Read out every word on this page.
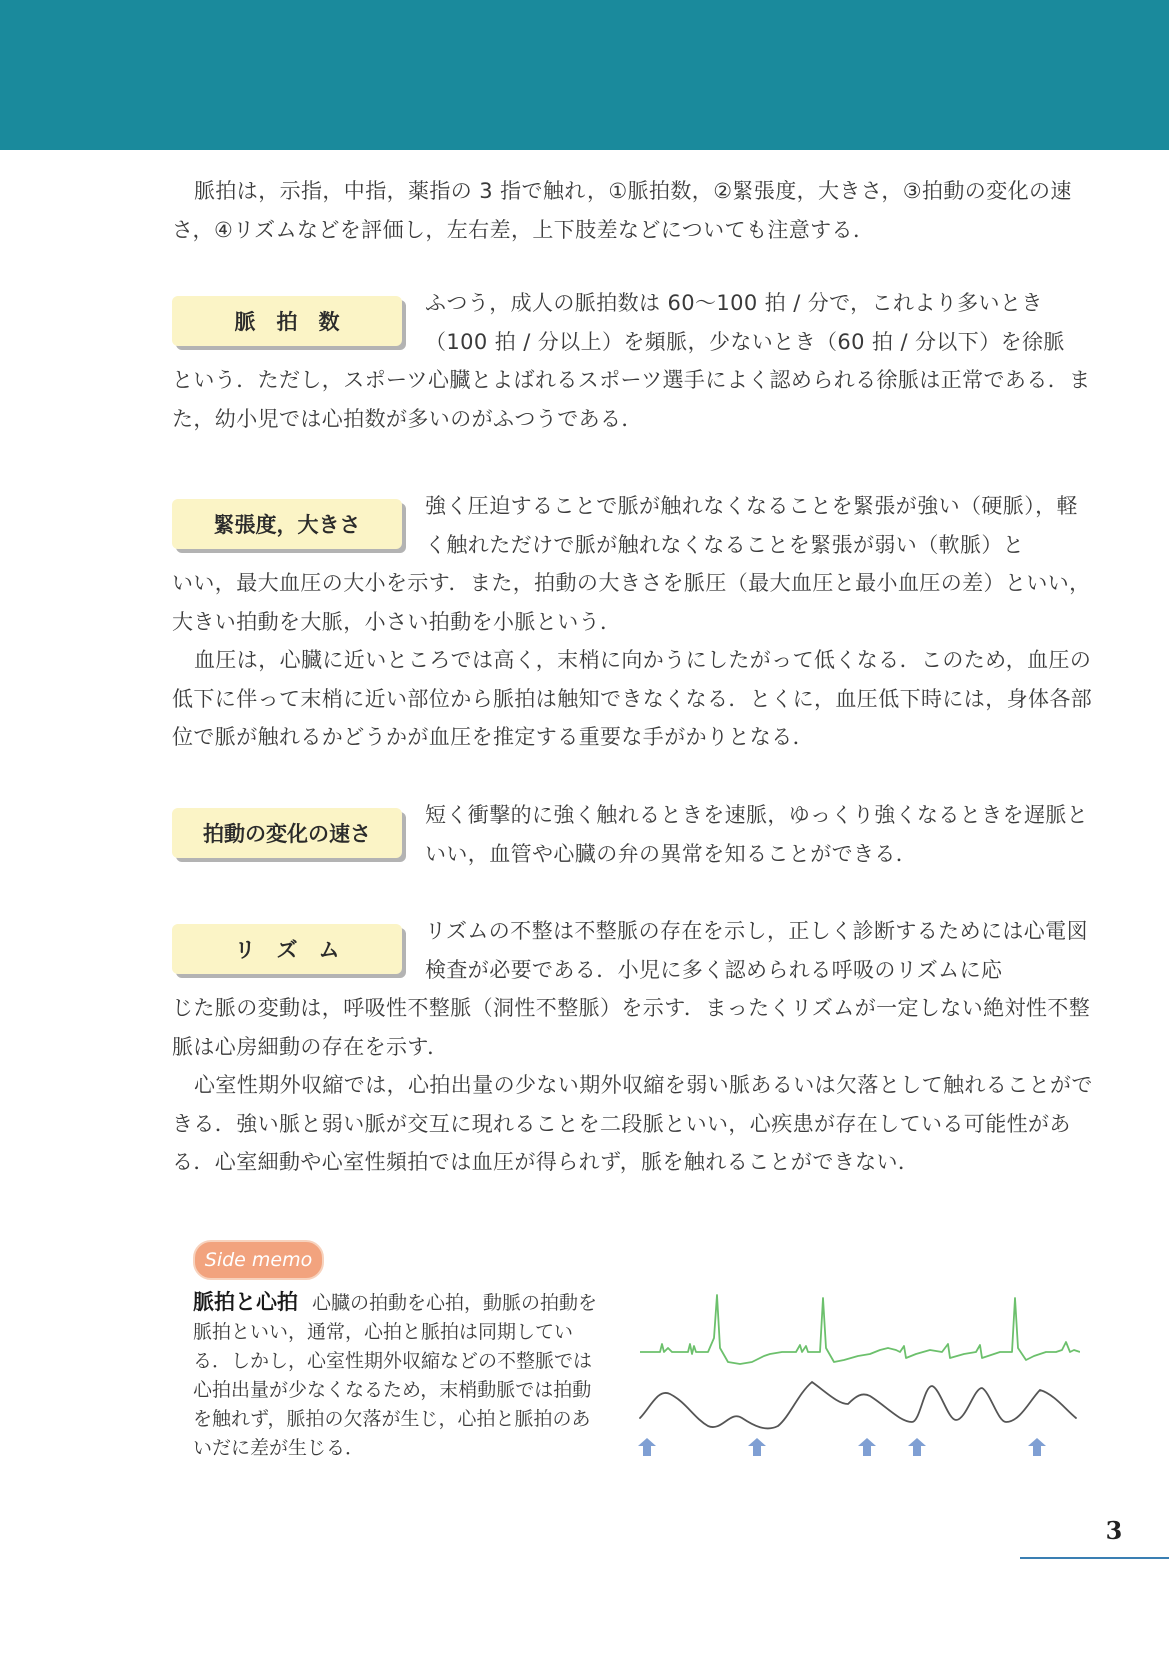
脈拍は，示指，中指，薬指の 3 指で触れ，①脈拍数，②緊張度，大きさ，③拍動の変化の速さ，④リズムなどを評価し，左右差，上下肢差などについても注意する．

脈　拍　数

ふつう，成人の脈拍数は 60〜100 拍 / 分で，これより多いとき（100 拍 / 分以上）を頻脈，少ないとき（60 拍 / 分以下）を徐脈

という．ただし，スポーツ心臓とよばれるスポーツ選手によく認められる徐脈は正常である．また，幼小児では心拍数が多いのがふつうである．

緊張度，大きさ

強く圧迫することで脈が触れなくなることを緊張が強い（硬脈），軽く触れただけで脈が触れなくなることを緊張が弱い（軟脈）と

いい，最大血圧の大小を示す．また，拍動の大きさを脈圧（最大血圧と最小血圧の差）といい，大きい拍動を大脈，小さい拍動を小脈という．

血圧は，心臓に近いところでは高く，末梢に向かうにしたがって低くなる．このため，血圧の低下に伴って末梢に近い部位から脈拍は触知できなくなる．とくに，血圧低下時には，身体各部位で脈が触れるかどうかが血圧を推定する重要な手がかりとなる．

拍動の変化の速さ

短く衝撃的に強く触れるときを速脈，ゆっくり強くなるときを遅脈といい，血管や心臓の弁の異常を知ることができる．

リ　ズ　ム

リズムの不整は不整脈の存在を示し，正しく診断するためには心電図検査が必要である．小児に多く認められる呼吸のリズムに応

じた脈の変動は，呼吸性不整脈（洞性不整脈）を示す．まったくリズムが一定しない絶対性不整脈は心房細動の存在を示す．

心室性期外収縮では，心拍出量の少ない期外収縮を弱い脈あるいは欠落として触れることができる．強い脈と弱い脈が交互に現れることを二段脈といい，心疾患が存在している可能性がある．心室細動や心室性頻拍では血圧が得られず，脈を触れることができない．

Side memo

脈拍と心拍 心臓の拍動を心拍，動脈の拍動を脈拍といい，通常，心拍と脈拍は同期している．しかし，心室性期外収縮などの不整脈では心拍出量が少なくなるため，末梢動脈では拍動を触れず，脈拍の欠落が生じ，心拍と脈拍のあいだに差が生じる．

3
